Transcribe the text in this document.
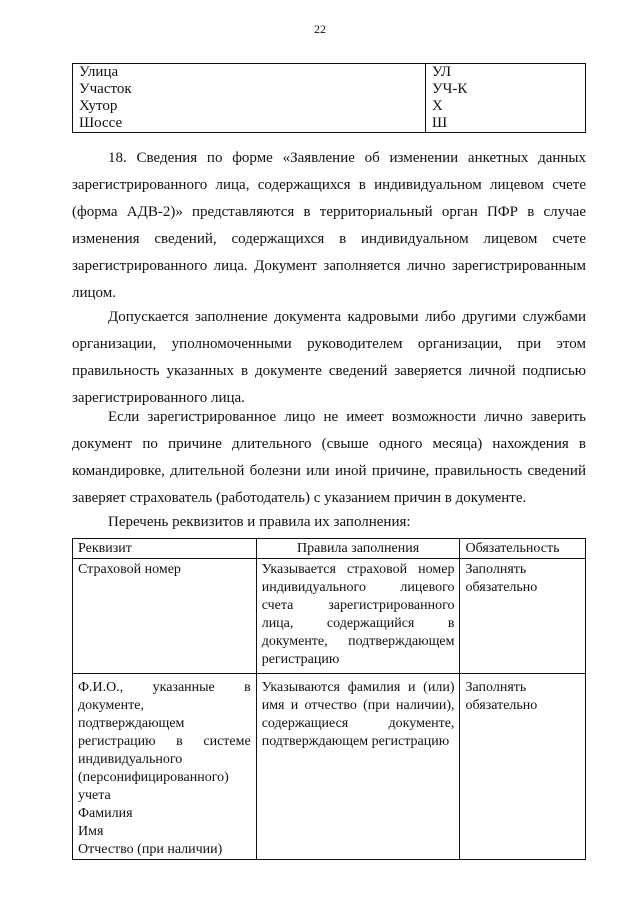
22
Улица	УЛ
Участок	УЧ-К
Хутор	Х
Шоссе	Ш

18. Сведения по форме «Заявление об изменении анкетных данных зарегистрированного лица, содержащихся в индивидуальном лицевом счете (форма АДВ-2)» представляются в территориальный орган ПФР в случае изменения сведений, содержащихся в индивидуальном лицевом счете зарегистрированного лица. Документ заполняется лично зарегистрированным лицом.

Допускается заполнение документа кадровыми либо другими службами организации, уполномоченными руководителем организации, при этом правильность указанных в документе сведений заверяется личной подписью зарегистрированного лица.

Если зарегистрированное лицо не имеет возможности лично заверить документ по причине длительного (свыше одного месяца) нахождения в командировке, длительной болезни или иной причине, правильность сведений заверяет страхователь (работодатель) с указанием причин в документе.

Перечень реквизитов и правила их заполнения:

Реквизит	Правила заполнения	Обязательность

Страховой номер	Указывается страховой номер индивидуального лицевого счета зарегистрированного лица, содержащийся в документе, подтверждающем регистрацию	Заполнять обязательно

Ф.И.О., указанные в документе, подтверждающем регистрацию в системе индивидуального (персонифицированного) учета
Фамилия
Имя
Отчество (при наличии)	Указываются фамилия и (или) имя и отчество (при наличии), содержащиеся документе, подтверждающем регистрацию	Заполнять обязательно
